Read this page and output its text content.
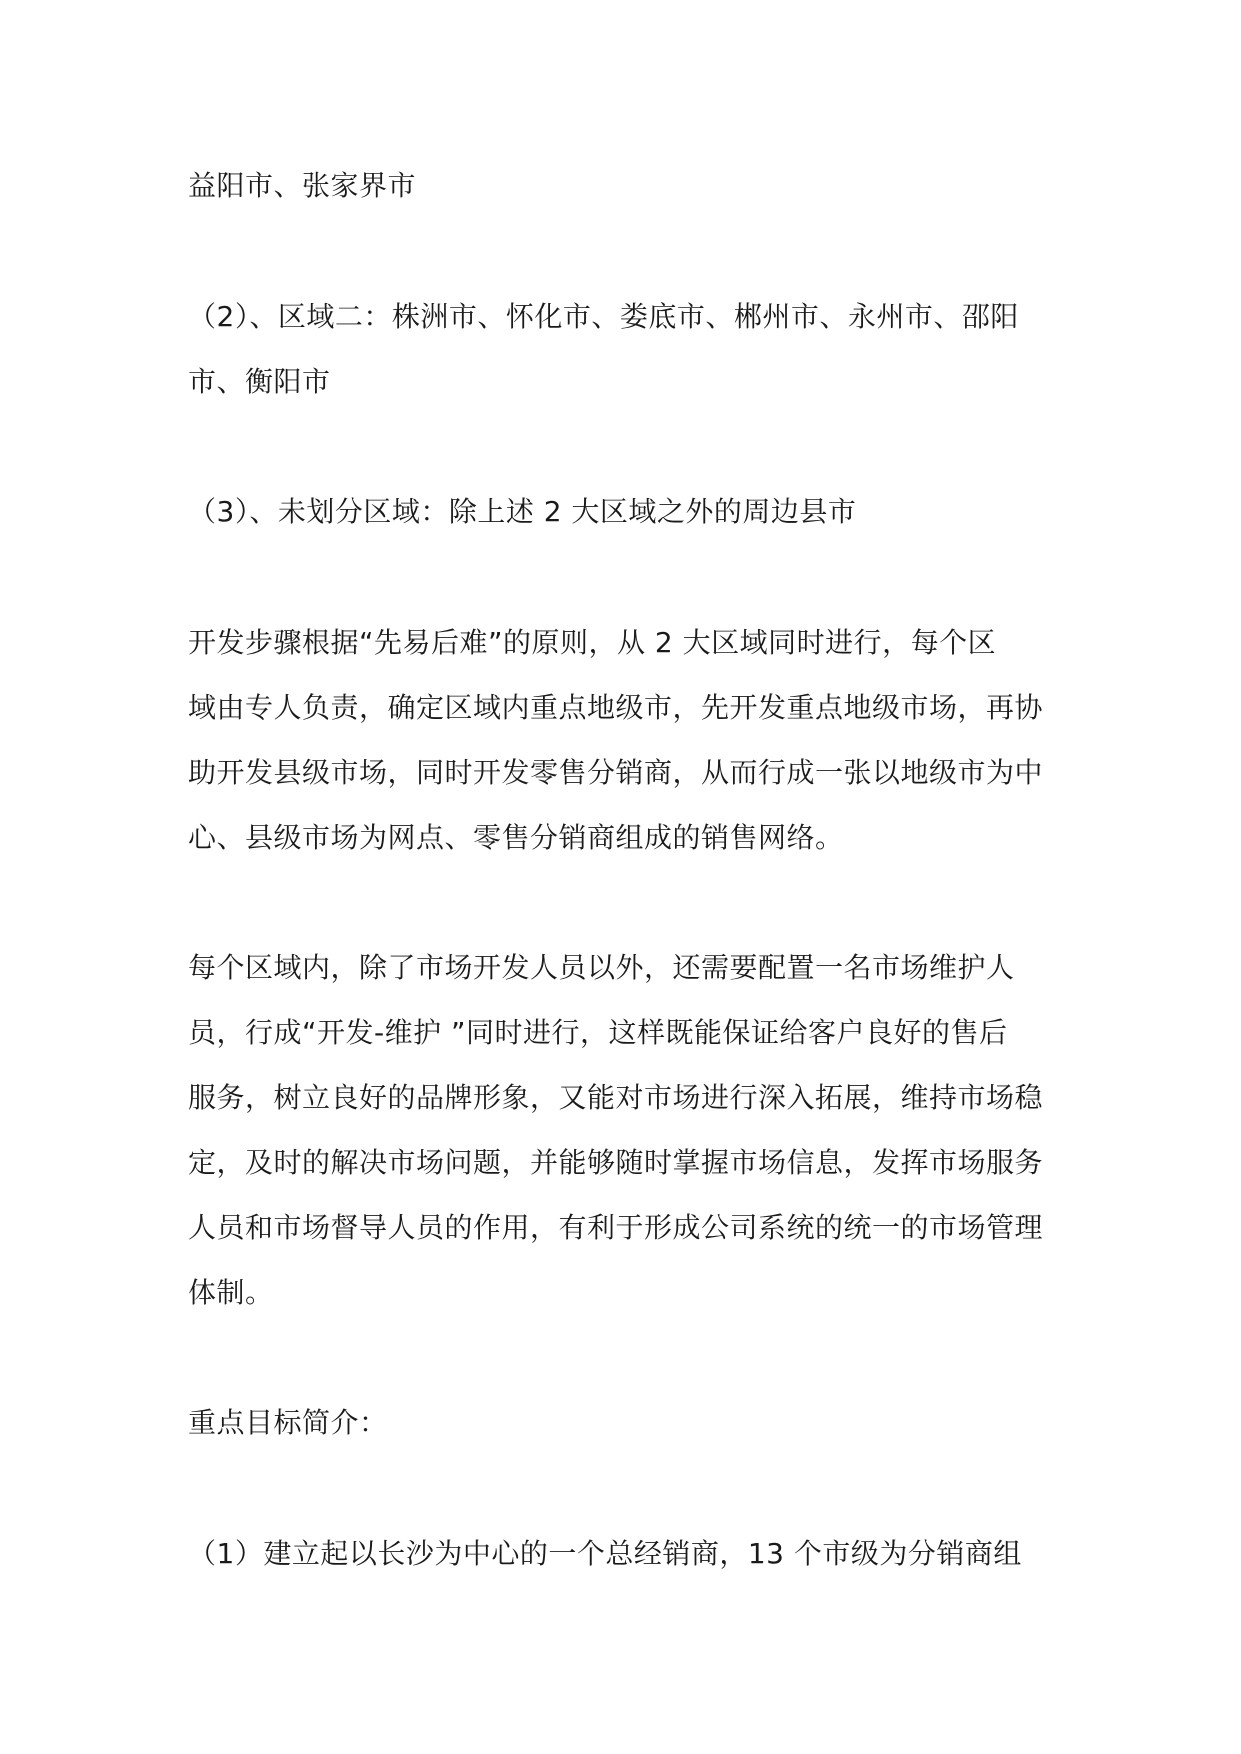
益阳市、张家界市

（2）、区域二：株洲市、怀化市、娄底市、郴州市、永州市、邵阳
市、衡阳市

（3）、未划分区域：除上述 2 大区域之外的周边县市

开发步骤根据“先易后难”的原则，从 2 大区域同时进行，每个区
域由专人负责，确定区域内重点地级市，先开发重点地级市场，再协
助开发县级市场，同时开发零售分销商，从而行成一张以地级市为中
心、县级市场为网点、零售分销商组成的销售网络。

每个区域内，除了市场开发人员以外，还需要配置一名市场维护人
员，行成“开发-维护 ”同时进行，这样既能保证给客户良好的售后
服务，树立良好的品牌形象，又能对市场进行深入拓展，维持市场稳
定，及时的解决市场问题，并能够随时掌握市场信息，发挥市场服务
人员和市场督导人员的作用，有利于形成公司系统的统一的市场管理
体制。

重点目标简介：

（1）建立起以长沙为中心的一个总经销商，13 个市级为分销商组
